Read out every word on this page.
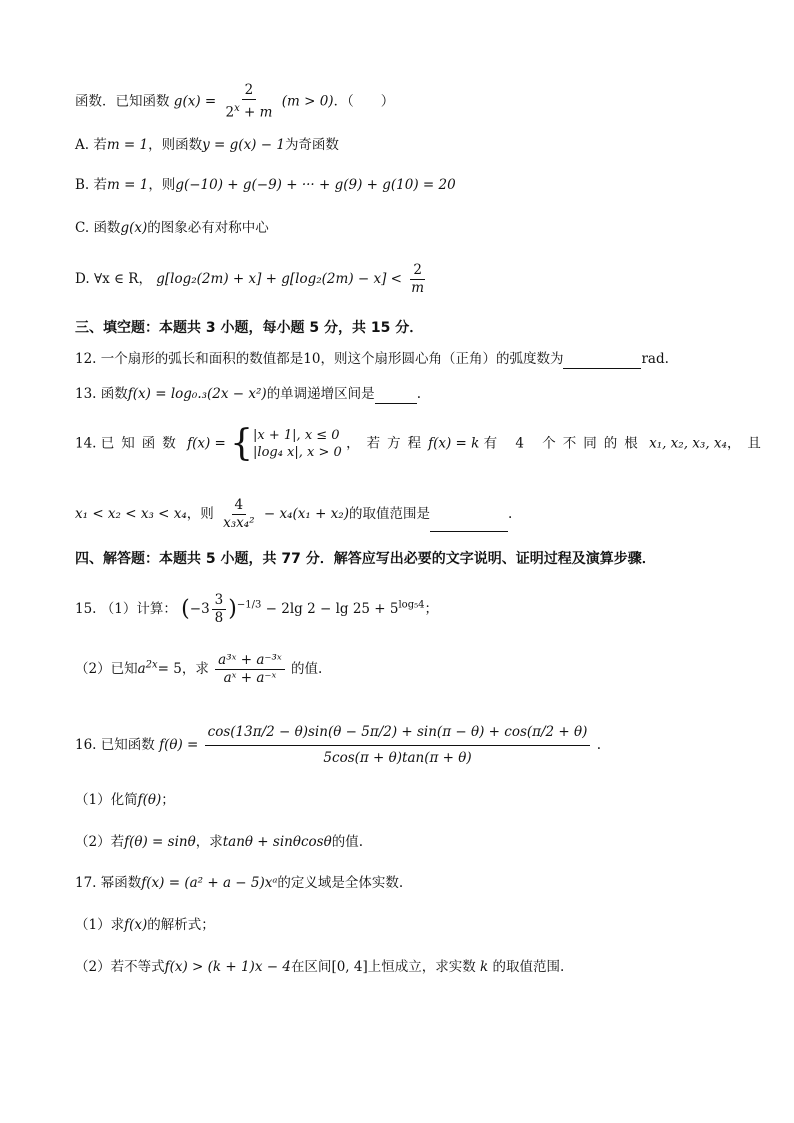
函数．已知函数 $g(x) = \frac{2}{2^x + m} (m > 0)$．（　　）
A. 若m = 1，则函数y = g(x) − 1为奇函数
B. 若m = 1，则g(−10) + g(−9) + ··· + g(9) + g(10) = 20
C. 函数g(x)的图象必有对称中心
D. ∀x ∈ R， $g[\log_2(2m) + x] + g[\log_2(2m) - x] < \frac{2}{m}$
三、填空题：本题共 3 小题，每小题 5 分，共 15 分．
12. 一个扇形的弧长和面积的数值都是10，则这个扇形圆心角（正角）的弧度数为	rad.
13. 函数f(x) = log₀.₃(2x − x²)的单调递增区间是	.
14. 已知函数 f(x) = { |x + 1|, x ≤ 0
|log₄ x|, x > 0
，若方程f(x) = k 有 4 个不同的根 x₁, x₂, x₃, x₄，且
x₁ < x₂ < x₃ < x₄，则 $\frac{4}{\text{x₃x₄²}} - x_4(x_1 + x_2)$的取值范围是	.
四、解答题：本题共 5 小题，共 77 分．解答应写出必要的文字说明、证明过程及演算步骤．
15. （1）计算： $(-3 \frac{3}{8} )^{-1/3} - 2\lg$ $2 - \lg 25 + 5^{log_54}$；
（2）已知$a^{2x}= 5$，求 $\frac{\text{a³ˣ + a⁻³ˣ}}{\text{aˣ + a⁻ˣ}}$ 的值.
16. 已知函数 $f(\theta) = \frac{\cos(13\pi/2 - \theta)\sin(\theta - 5\pi/2) + \sin(\pi - \theta) + \cos(\pi/2 + \theta)}{5\cos(\pi + \theta)\tan(\pi + \theta)}$ .
（1）化简f(θ)；
（2）若f(θ) = sinθ，求tanθ + sinθcosθ的值.
17. 幂函数f(x) = (a² + a − 5)xᵃ的定义域是全体实数.
（1）求f(x)的解析式；
（2）若不等式f(x) > (k + 1)x − 4在区间[0, 4]上恒成立，求实数 k 的取值范围.
